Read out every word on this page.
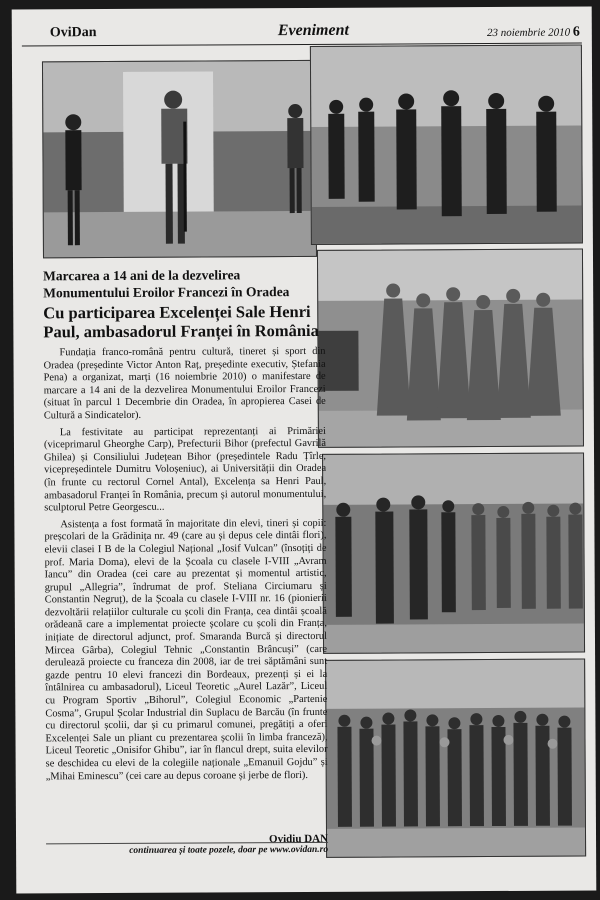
OviDan	Eveniment	23 noiembrie 2010 6
Marcarea a 14 ani de la dezvelirea Monumentului Eroilor Francezi în Oradea
Cu participarea Excelenței Sale Henri Paul, ambasadorul Franței în România

Fundația franco-română pentru cultură, tineret și sport din Oradea (președinte Victor Anton Raț, președinte executiv, Ștefania Pena) a organizat, marți (16 noiembrie 2010) o manifestare de marcare a 14 ani de la dezvelirea Monumentului Eroilor Francezi (situat în parcul 1 Decembrie din Oradea, în apropierea Casei de Cultură a Sindicatelor).

La festivitate au participat reprezentanți ai Primăriei (viceprimarul Gheorghe Carp), Prefecturii Bihor (prefectul Gavrilă Ghilea) și Consiliului Județean Bihor (președintele Radu Țîrle, vicepreședintele Dumitru Voloșeniuc), ai Universității din Oradea (în frunte cu rectorul Cornel Antal), Excelența sa Henri Paul, ambasadorul Franței în România, precum și autorul monumentului, sculptorul Petre Georgescu...

Asistența a fost formată în majoritate din elevi, tineri și copii: preșcolari de la Grădinița nr. 49 (care au și depus cele dintâi flori), elevii clasei I B de la Colegiul Național „Iosif Vulcan” (însoțiți de prof. Maria Doma), elevi de la Școala cu clasele I-VIII „Avram Iancu” din Oradea (cei care au prezentat și momentul artistic, grupul „Allegria”, îndrumat de prof. Steliana Circiumaru și Constantin Negruț), de la Școala cu clasele I-VIII nr. 16 (pionierii dezvoltării relațiilor culturale cu școli din Franța, cea dintâi școală orădeană care a implementat proiecte școlare cu școli din Franța, inițiate de directorul adjunct, prof. Smaranda Burcă și directorul Mircea Gârba), Colegiul Tehnic „Constantin Brâncuși” (care derulează proiecte cu franceza din 2008, iar de trei săptămâni sunt gazde pentru 10 elevi francezi din Bordeaux, prezenți și ei la întâlnirea cu ambasadorul), Liceul Teoretic „Aurel Lazăr”, Liceul cu Program Sportiv „Bihorul”, Colegiul Economic „Partenie Cosma”, Grupul Școlar Industrial din Suplacu de Barcău (în frunte cu directorul școlii, dar și cu primarul comunei, pregătiți a oferi Excelenței Sale un pliant cu prezentarea școlii în limba franceză), Liceul Teoretic „Onisifor Ghibu”, iar în flancul drept, suita elevilor se deschidea cu elevi de la colegiile naționale „Emanuil Gojdu” și „Mihai Eminescu” (cei care au depus coroane și jerbe de flori).

Ovidiu DAN
continuarea și toate pozele, doar pe www.ovidan.ro
